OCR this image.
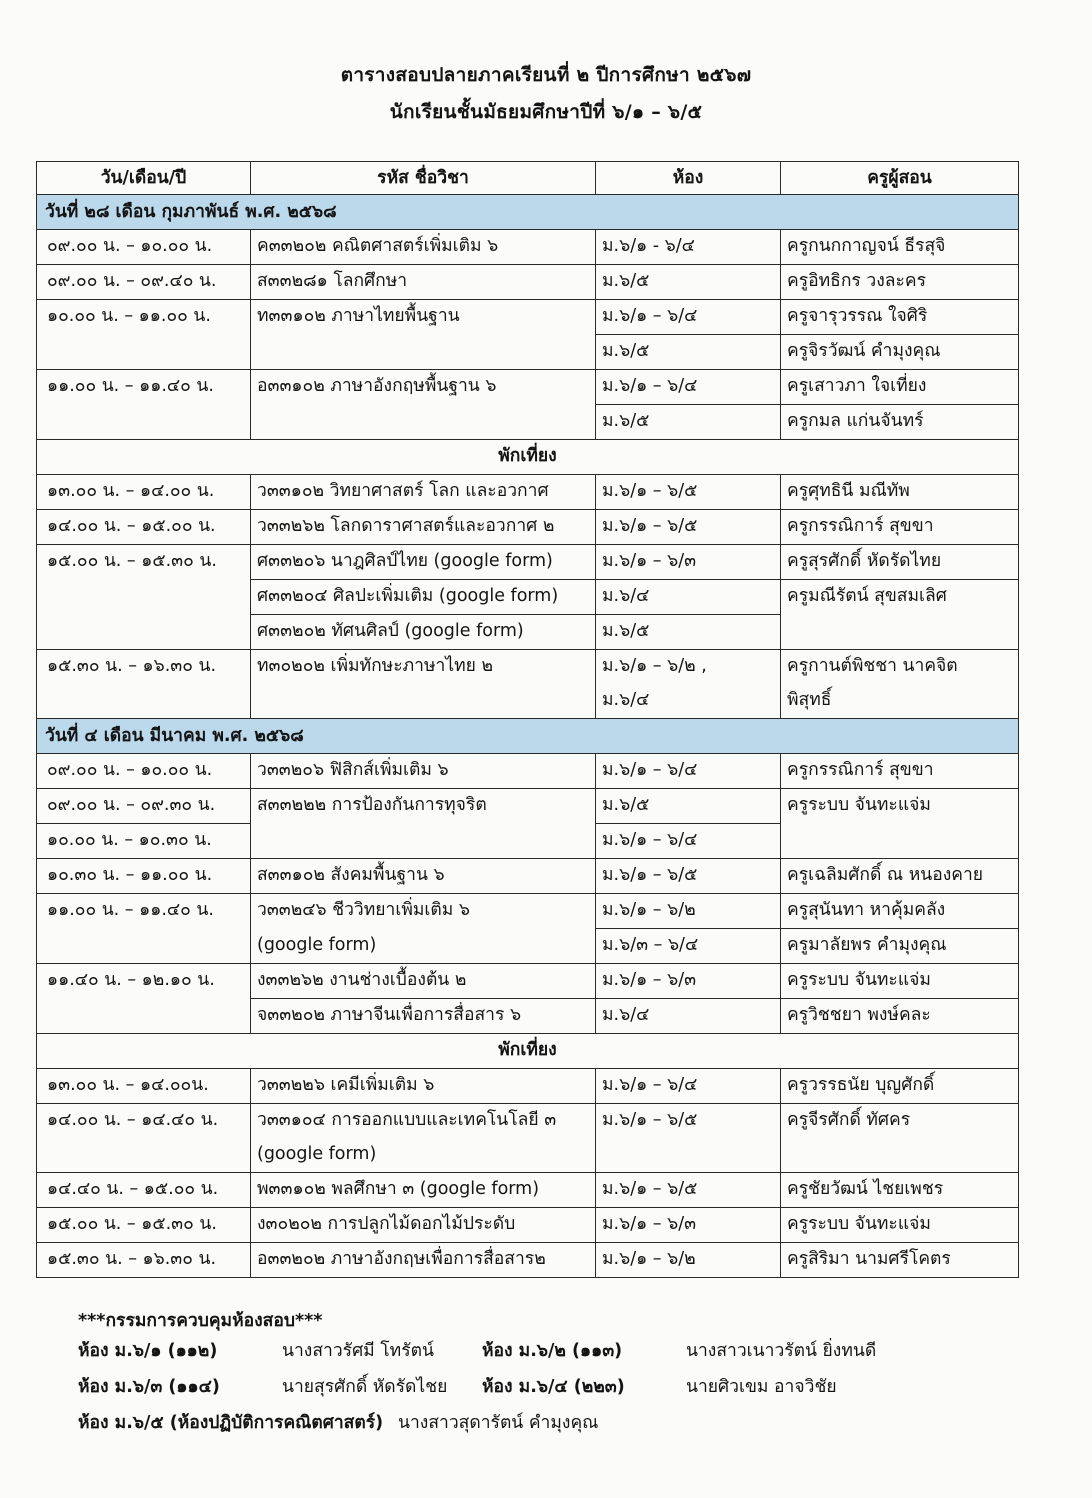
ตารางสอบปลายภาคเรียนที่ ๒ ปีการศึกษา ๒๕๖๗
นักเรียนชั้นมัธยมศึกษาปีที่ ๖/๑ – ๖/๕
วัน/เดือน/ปี	รหัส ชื่อวิชา	ห้อง	ครูผู้สอน
วันที่ ๒๘ เดือน กุมภาพันธ์ พ.ศ. ๒๕๖๘			
๐๙.๐๐ น. – ๑๐.๐๐ น.	ค๓๓๒๐๒ คณิตศาสตร์เพิ่มเติม ๖	ม.๖/๑ - ๖/๔	ครูกนกกาญจน์ ธีรสุจิ
๐๙.๐๐ น. – ๐๙.๔๐ น.	ส๓๓๒๘๑ โลกศึกษา	ม.๖/๕	ครูอิทธิกร วงละคร
๑๐.๐๐ น. – ๑๑.๐๐ น.	ท๓๓๑๐๒ ภาษาไทยพื้นฐาน	ม.๖/๑ – ๖/๔	ครูจารุวรรณ ใจศิริ
		ม.๖/๕	ครูจิรวัฒน์ คำมุงคุณ
๑๑.๐๐ น. – ๑๑.๔๐ น.	อ๓๓๑๐๒ ภาษาอังกฤษพื้นฐาน ๖	ม.๖/๑ – ๖/๔	ครูเสาวภา ใจเที่ยง
		ม.๖/๕	ครูกมล แก่นจันทร์
พักเที่ยง			
๑๓.๐๐ น. – ๑๔.๐๐ น.	ว๓๓๑๐๒ วิทยาศาสตร์ โลก และอวกาศ	ม.๖/๑ – ๖/๕	ครูศุทธินี มณีทัพ
๑๔.๐๐ น. – ๑๕.๐๐ น.	ว๓๓๒๖๒ โลกดาราศาสตร์และอวกาศ ๒	ม.๖/๑ – ๖/๕	ครูกรรณิการ์ สุขขา
๑๕.๐๐ น. – ๑๕.๓๐ น.	ศ๓๓๒๐๖ นาฎศิลป์ไทย (google form)	ม.๖/๑ – ๖/๓	ครูสุรศักดิ์ หัดรัดไทย
	ศ๓๓๒๐๔ ศิลปะเพิ่มเติม (google form)	ม.๖/๔	ครูมณีรัตน์ สุขสมเลิศ
	ศ๓๓๒๐๒ ทัศนศิลป์ (google form)	ม.๖/๕	
๑๕.๓๐ น. – ๑๖.๓๐ น.	ท๓๐๒๐๒ เพิ่มทักษะภาษาไทย ๒	ม.๖/๑ – ๖/๒ ,	ครูกานต์พิชชา นาคจิต
		ม.๖/๔	พิสุทธิ์
วันที่ ๔ เดือน มีนาคม พ.ศ. ๒๕๖๘			
๐๙.๐๐ น. – ๑๐.๐๐ น.	ว๓๓๒๐๖ ฟิสิกส์เพิ่มเติม ๖	ม.๖/๑ – ๖/๔	ครูกรรณิการ์ สุขขา
๐๙.๐๐ น. – ๐๙.๓๐ น.	ส๓๓๒๒๒ การป้องกันการทุจริต	ม.๖/๕	ครูระบบ จันทะแจ่ม
๑๐.๐๐ น. – ๑๐.๓๐ น.		ม.๖/๑ – ๖/๔	
๑๐.๓๐ น. – ๑๑.๐๐ น.	ส๓๓๑๐๒ สังคมพื้นฐาน ๖	ม.๖/๑ – ๖/๕	ครูเฉลิมศักดิ์ ณ หนองคาย
๑๑.๐๐ น. – ๑๑.๔๐ น.	ว๓๓๒๔๖ ชีววิทยาเพิ่มเติม ๖	ม.๖/๑ – ๖/๒	ครูสุนันทา หาคุ้มคลัง
	(google form)	ม.๖/๓ – ๖/๔	ครูมาลัยพร คำมุงคุณ
๑๑.๔๐ น. – ๑๒.๑๐ น.	ง๓๓๒๖๒ งานช่างเบื้องต้น ๒	ม.๖/๑ – ๖/๓	ครูระบบ จันทะแจ่ม
	จ๓๓๒๐๒ ภาษาจีนเพื่อการสื่อสาร ๖	ม.๖/๔	ครูวิชชยา พงษ์คละ
พักเที่ยง			
๑๓.๐๐ น. – ๑๔.๐๐น.	ว๓๓๒๒๖ เคมีเพิ่มเติม ๖	ม.๖/๑ – ๖/๔	ครูวรรธนัย บุญศักดิ์
๑๔.๐๐ น. – ๑๔.๔๐ น.	ว๓๓๑๐๔ การออกแบบและเทคโนโลยี ๓	ม.๖/๑ – ๖/๕	ครูจีรศักดิ์ ทัศคร
	(google form)		
๑๔.๔๐ น. – ๑๕.๐๐ น.	พ๓๓๑๐๒ พลศึกษา ๓ (google form)	ม.๖/๑ – ๖/๕	ครูชัยวัฒน์ ไชยเพชร
๑๕.๐๐ น. – ๑๕.๓๐ น.	ง๓๐๒๐๒ การปลูกไม้ดอกไม้ประดับ	ม.๖/๑ – ๖/๓	ครูระบบ จันทะแจ่ม
๑๕.๓๐ น. – ๑๖.๓๐ น.	อ๓๓๒๐๒ ภาษาอังกฤษเพื่อการสื่อสาร๒	ม.๖/๑ – ๖/๒	ครูสิริมา นามศรีโคตร
***กรรมการควบคุมห้องสอบ***
ห้อง ม.๖/๑ (๑๑๒)	นางสาวรัศมี โทรัตน์	ห้อง ม.๖/๒ (๑๑๓)	นางสาวเนาวรัตน์ ยิ่งทนดี
ห้อง ม.๖/๓ (๑๑๔)	นายสุรศักดิ์ หัดรัดไชย ห้อง ม.๖/๔ (๒๒๓)	นายศิวเขม อาจวิชัย
ห้อง ม.๖/๕ (ห้องปฏิบัติการคณิตศาสตร์) นางสาวสุดารัตน์ คำมุงคุณ
